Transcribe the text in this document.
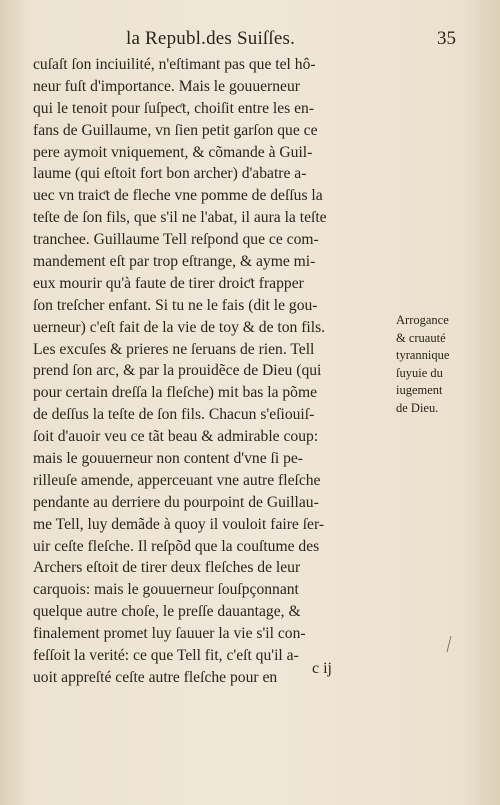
la Republ.des Suiſſes.	35
cuſaſt ſon inciuilité, n'eſtimant pas que tel hô-
neur fuſt d'importance. Mais le gouuerneur
qui le tenoit pour ſuſpeƈt, choiſit entre les en-
fans de Guillaume, vn ſien petit garſon que ce
pere aymoit vniquement, & cõmande à Guil-
laume (qui eſtoit fort bon archer) d'abatre a-
uec vn traiƈt de fleche vne pomme de deſſus la
teſte de ſon fils, que s'il ne l'abat, il aura la teſte
tranchee. Guillaume Tell reſpond que ce com-
mandement eſt par trop eſtrange, & ayme mi-
eux mourir qu'à faute de tirer droiƈt frapper
ſon treſcher enfant. Si tu ne le fais (dit le gou-
uerneur) c'eſt fait de la vie de toy & de ton fils.
Les excuſes & prieres ne ſeruans de rien. Tell
prend ſon arc, & par la prouidẽce de Dieu (qui
pour certain dreſſa la fleſche) mit bas la põme
de deſſus la teſte de ſon fils. Chacun s'eſiouiſ-
ſoit d'auoir veu ce tãt beau & admirable coup:
mais le gouuerneur non content d'vne ſi pe-
rilleuſe amende, apperceuant vne autre fleſche
pendante au derriere du pourpoint de Guillau-
me Tell, luy demãde à quoy il vouloit faire ſer-
uir ceſte fleſche. Il reſpõd que la couſtume des
Archers eſtoit de tirer deux fleſches de leur
carquois: mais le gouuerneur ſouſpçonnant
quelque autre choſe, le preſſe dauantage, &
finalement promet luy ſauuer la vie s'il con-
feſſoit la verité: ce que Tell fit, c'eſt qu'il a-
uoit appreſté ceſte autre fleſche pour en
Arrogance
& cruauté
tyrannique
ſuyuie du
iugement
de Dieu.
c ij
